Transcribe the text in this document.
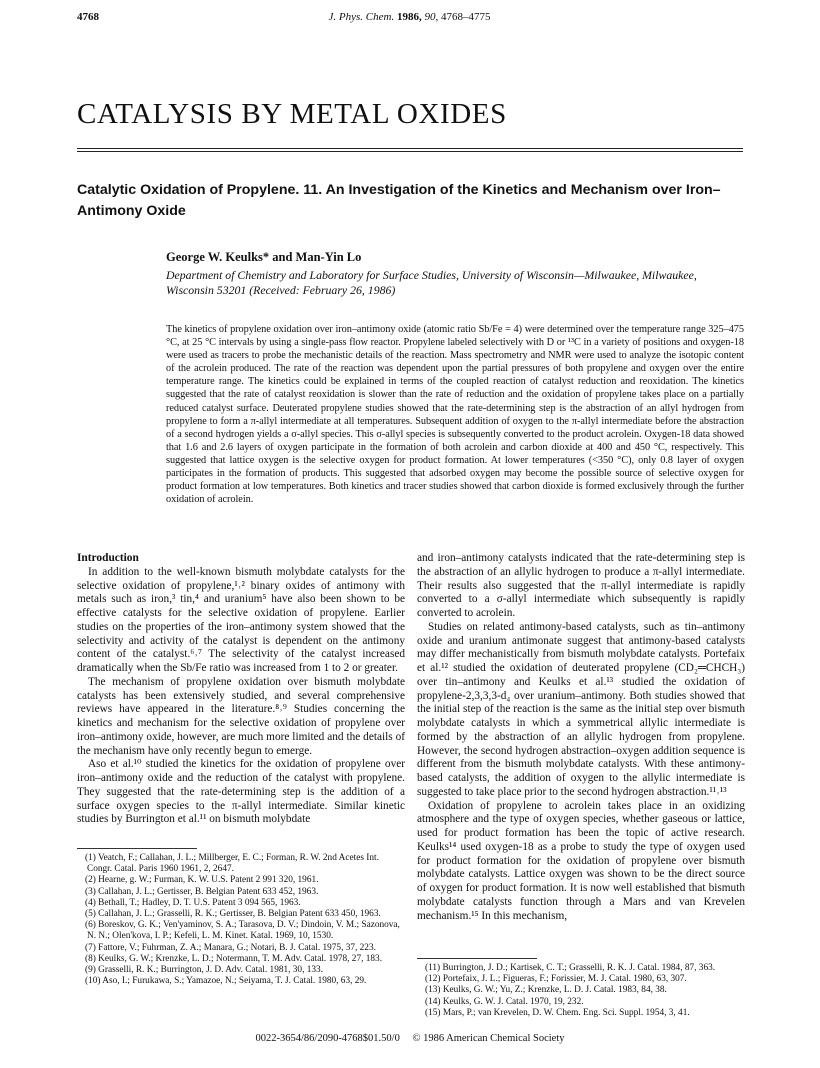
4768	J. Phys. Chem. 1986, 90, 4768–4775
CATALYSIS BY METAL OXIDES
Catalytic Oxidation of Propylene. 11. An Investigation of the Kinetics and Mechanism over Iron–Antimony Oxide
George W. Keulks* and Man-Yin Lo
Department of Chemistry and Laboratory for Surface Studies, University of Wisconsin—Milwaukee, Milwaukee, Wisconsin 53201 (Received: February 26, 1986)
The kinetics of propylene oxidation over iron–antimony oxide (atomic ratio Sb/Fe = 4) were determined over the temperature range 325–475 °C, at 25 °C intervals by using a single-pass flow reactor. Propylene labeled selectively with D or ¹³C in a variety of positions and oxygen-18 were used as tracers to probe the mechanistic details of the reaction. Mass spectrometry and NMR were used to analyze the isotopic content of the acrolein produced. The rate of the reaction was dependent upon the partial pressures of both propylene and oxygen over the entire temperature range. The kinetics could be explained in terms of the coupled reaction of catalyst reduction and reoxidation. The kinetics suggested that the rate of catalyst reoxidation is slower than the rate of reduction and the oxidation of propylene takes place on a partially reduced catalyst surface. Deuterated propylene studies showed that the rate-determining step is the abstraction of an allyl hydrogen from propylene to form a π-allyl intermediate at all temperatures. Subsequent addition of oxygen to the π-allyl intermediate before the abstraction of a second hydrogen yields a σ-allyl species. This σ-allyl species is subsequently converted to the product acrolein. Oxygen-18 data showed that 1.6 and 2.6 layers of oxygen participate in the formation of both acrolein and carbon dioxide at 400 and 450 °C, respectively. This suggested that lattice oxygen is the selective oxygen for product formation. At lower temperatures (<350 °C), only 0.8 layer of oxygen participates in the formation of products. This suggested that adsorbed oxygen may become the possible source of selective oxygen for product formation at low temperatures. Both kinetics and tracer studies showed that carbon dioxide is formed exclusively through the further oxidation of acrolein.

Introduction

In addition to the well-known bismuth molybdate catalysts for the selective oxidation of propylene,¹˒² binary oxides of antimony with metals such as iron,³ tin,⁴ and uranium⁵ have also been shown to be effective catalysts for the selective oxidation of propylene. Earlier studies on the properties of the iron–antimony system showed that the selectivity and activity of the catalyst is dependent on the antimony content of the catalyst.⁶˒⁷ The selectivity of the catalyst increased dramatically when the Sb/Fe ratio was increased from 1 to 2 or greater.

The mechanism of propylene oxidation over bismuth molybdate catalysts has been extensively studied, and several comprehensive reviews have appeared in the literature.⁸˒⁹ Studies concerning the kinetics and mechanism for the selective oxidation of propylene over iron–antimony oxide, however, are much more limited and the details of the mechanism have only recently begun to emerge.

Aso et al.¹⁰ studied the kinetics for the oxidation of propylene over iron–antimony oxide and the reduction of the catalyst with propylene. They suggested that the rate-determining step is the addition of a surface oxygen species to the π-allyl intermediate. Similar kinetic studies by Burrington et al.¹¹ on bismuth molybdate

and iron–antimony catalysts indicated that the rate-determining step is the abstraction of an allylic hydrogen to produce a π-allyl intermediate. Their results also suggested that the π-allyl intermediate is rapidly converted to a σ-allyl intermediate which subsequently is rapidly converted to acrolein.

Studies on related antimony-based catalysts, such as tin–antimony oxide and uranium antimonate suggest that antimony-based catalysts may differ mechanistically from bismuth molybdate catalysts. Portefaix et al.¹² studied the oxidation of deuterated propylene (CD₂═CHCH₃) over tin–antimony and Keulks et al.¹³ studied the oxidation of propylene-2,3,3,3-d₄ over uranium–antimony. Both studies showed that the initial step of the reaction is the same as the initial step over bismuth molybdate catalysts in which a symmetrical allylic intermediate is formed by the abstraction of an allylic hydrogen from propylene. However, the second hydrogen abstraction–oxygen addition sequence is different from the bismuth molybdate catalysts. With these antimony-based catalysts, the addition of oxygen to the allylic intermediate is suggested to take place prior to the second hydrogen abstraction.¹¹˒¹³

Oxidation of propylene to acrolein takes place in an oxidizing atmosphere and the type of oxygen species, whether gaseous or lattice, used for product formation has been the topic of active research. Keulks¹⁴ used oxygen-18 as a probe to study the type of oxygen used for product formation for the oxidation of propylene over bismuth molybdate catalysts. Lattice oxygen was shown to be the direct source of oxygen for product formation. It is now well established that bismuth molybdate catalysts function through a Mars and van Krevelen mechanism.¹⁵ In this mechanism,

(1) Veatch, F.; Callahan, J. L.; Millberger, E. C.; Forman, R. W. 2nd Acetes Int. Congr. Catal. Paris 1960 1961, 2, 2647.
(2) Hearne, g. W.; Furman, K. W. U.S. Patent 2 991 320, 1961.
(3) Callahan, J. L.; Gertisser, B. Belgian Patent 633 452, 1963.
(4) Bethall, T.; Hadley, D. T. U.S. Patent 3 094 565, 1963.
(5) Callahan, J. L.; Grasselli, R. K.; Gertisser, B. Belgian Patent 633 450, 1963.
(6) Boreskov, G. K.; Ven'yaminov, S. A.; Tarasova, D. V.; Dindoin, V. M.; Sazonova, N. N.; Olen'kova, I. P.; Kefeli, L. M. Kinet. Katal. 1969, 10, 1530.
(7) Fattore, V.; Fuhrman, Z. A.; Manara, G.; Notari, B. J. Catal. 1975, 37, 223.
(8) Keulks, G. W.; Krenzke, L. D.; Notermann, T. M. Adv. Catal. 1978, 27, 183.
(9) Grasselli, R. K.; Burrington, J. D. Adv. Catal. 1981, 30, 133.
(10) Aso, I.; Furukawa, S.; Yamazoe, N.; Seiyama, T. J. Catal. 1980, 63, 29.
(11) Burrington, J. D.; Kartisek, C. T.; Grasselli, R. K. J. Catal. 1984, 87, 363.
(12) Portefaix, J. L.; Figueras, F.; Forissier, M. J. Catal. 1980, 63, 307.
(13) Keulks, G. W.; Yu, Z.; Krenzke, L. D. J. Catal. 1983, 84, 38.
(14) Keulks, G. W. J. Catal. 1970, 19, 232.
(15) Mars, P.; van Krevelen, D. W. Chem. Eng. Sci. Suppl. 1954, 3, 41.
0022-3654/86/2090-4768$01.50/0 © 1986 American Chemical Society
